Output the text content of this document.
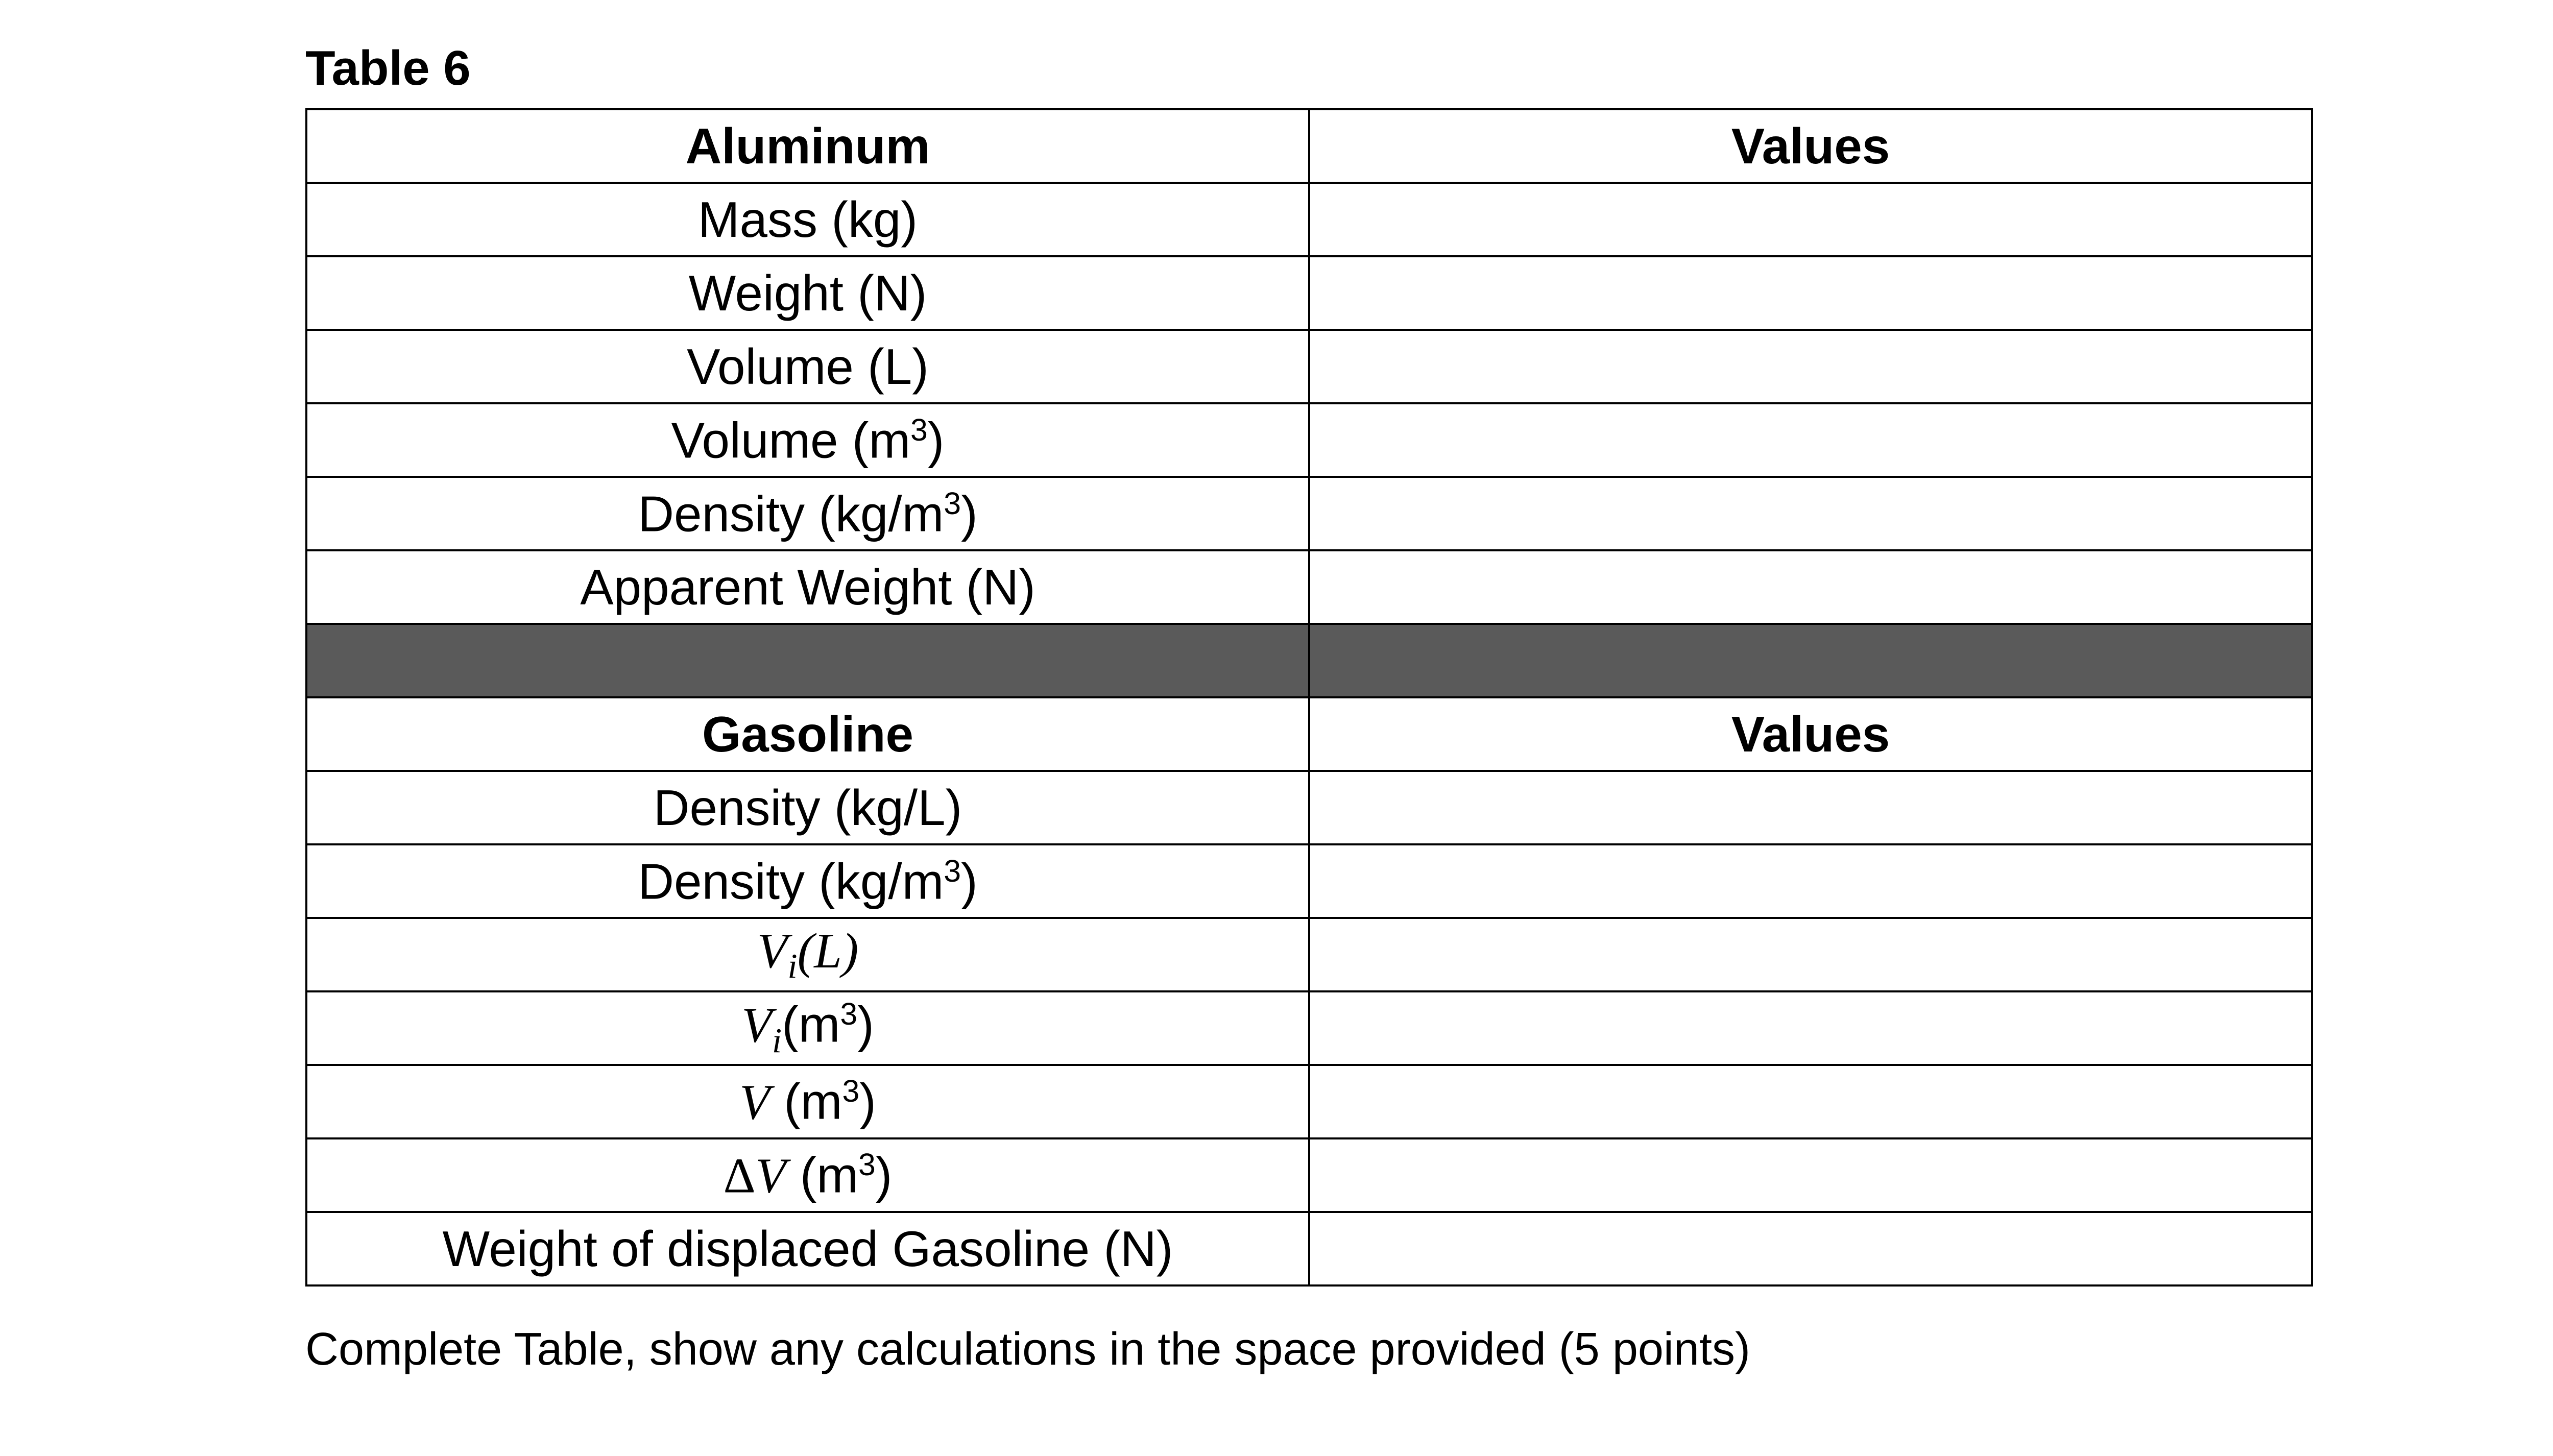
Table 6
Aluminum	Values
Mass (kg)	
Weight (N)	
Volume (L)	
Volume $(m^3)$	
Density $(kg/m^3)$	
Apparent Weight (N)	

Gasoline	Values
Density (kg/L)	
Density $(kg/m^3)$	
$V_i(L)$	
$V_i(m^3)$	
V $(m^3)$	
ΔV $(m^3)$	
Weight of displaced Gasoline (N)	
Complete Table, show any calculations in the space provided (5 points)
